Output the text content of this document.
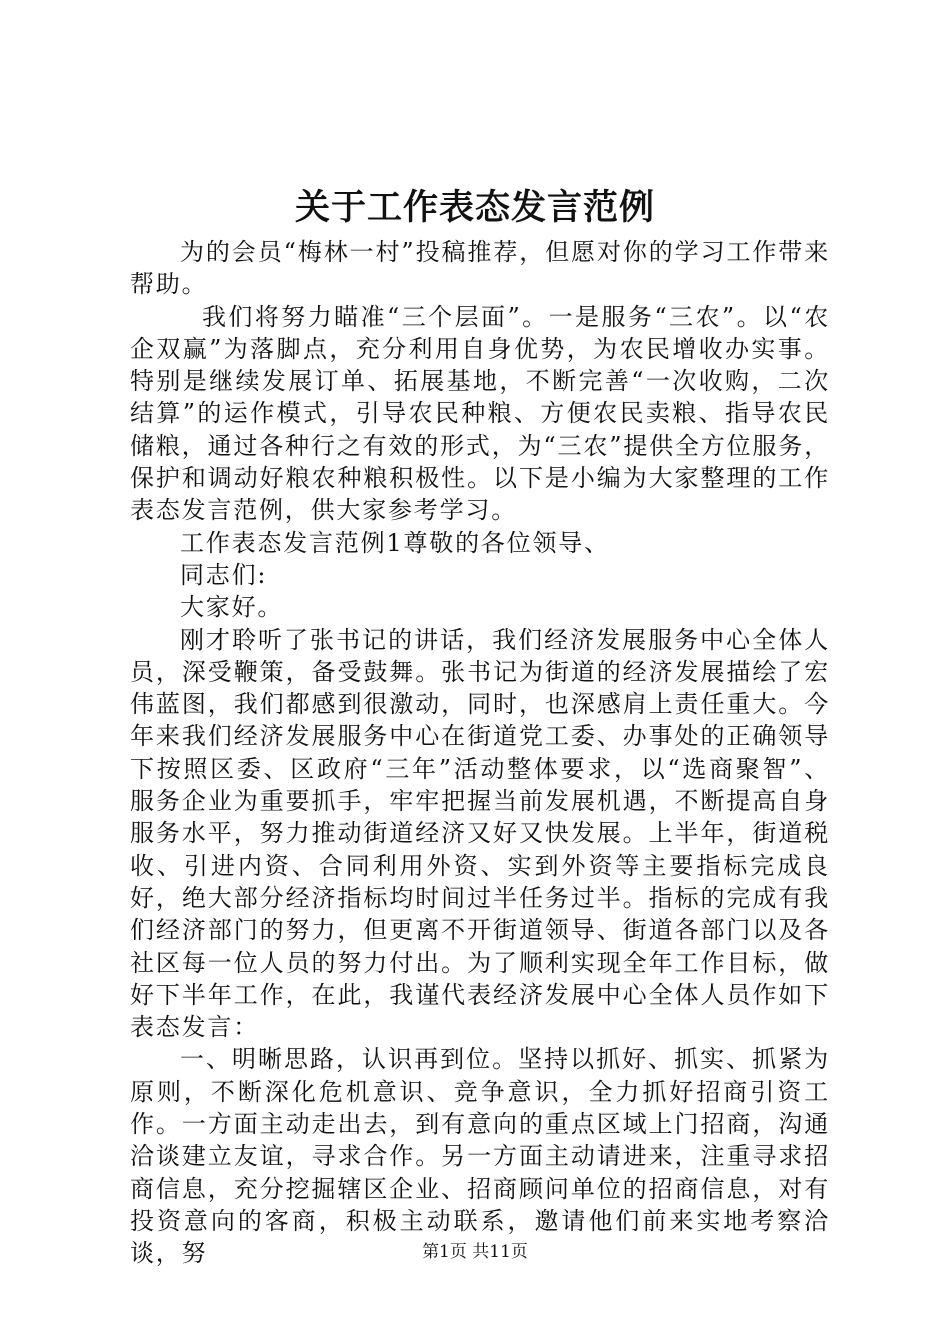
关于工作表态发言范例

为的会员“梅林一村”投稿推荐，但愿对你的学习工作带来帮助。

我们将努力瞄准“三个层面”。一是服务“三农”。以“农企双赢”为落脚点，充分利用自身优势，为农民增收办实事。特别是继续发展订单、拓展基地，不断完善“一次收购，二次结算”的运作模式，引导农民种粮、方便农民卖粮、指导农民储粮，通过各种行之有效的形式，为“三农”提供全方位服务，保护和调动好粮农种粮积极性。以下是小编为大家整理的工作表态发言范例，供大家参考学习。

工作表态发言范例1尊敬的各位领导、

同志们:

大家好。

刚才聆听了张书记的讲话，我们经济发展服务中心全体人员，深受鞭策，备受鼓舞。张书记为街道的经济发展描绘了宏伟蓝图，我们都感到很激动，同时，也深感肩上责任重大。今年来我们经济发展服务中心在街道党工委、办事处的正确领导下按照区委、区政府“三年”活动整体要求，以“选商聚智”、服务企业为重要抓手，牢牢把握当前发展机遇，不断提高自身服务水平，努力推动街道经济又好又快发展。上半年，街道税收、引进内资、合同利用外资、实到外资等主要指标完成良好，绝大部分经济指标均时间过半任务过半。指标的完成有我们经济部门的努力，但更离不开街道领导、街道各部门以及各社区每一位人员的努力付出。为了顺利实现全年工作目标，做好下半年工作，在此，我谨代表经济发展中心全体人员作如下表态发言：

一、明晰思路，认识再到位。坚持以抓好、抓实、抓紧为原则，不断深化危机意识、竞争意识，全力抓好招商引资工作。一方面主动走出去，到有意向的重点区域上门招商，沟通洽谈建立友谊，寻求合作。另一方面主动请进来，注重寻求招商信息，充分挖掘辖区企业、招商顾问单位的招商信息，对有投资意向的客商，积极主动联系，邀请他们前来实地考察洽谈，努	第1页 共11页
